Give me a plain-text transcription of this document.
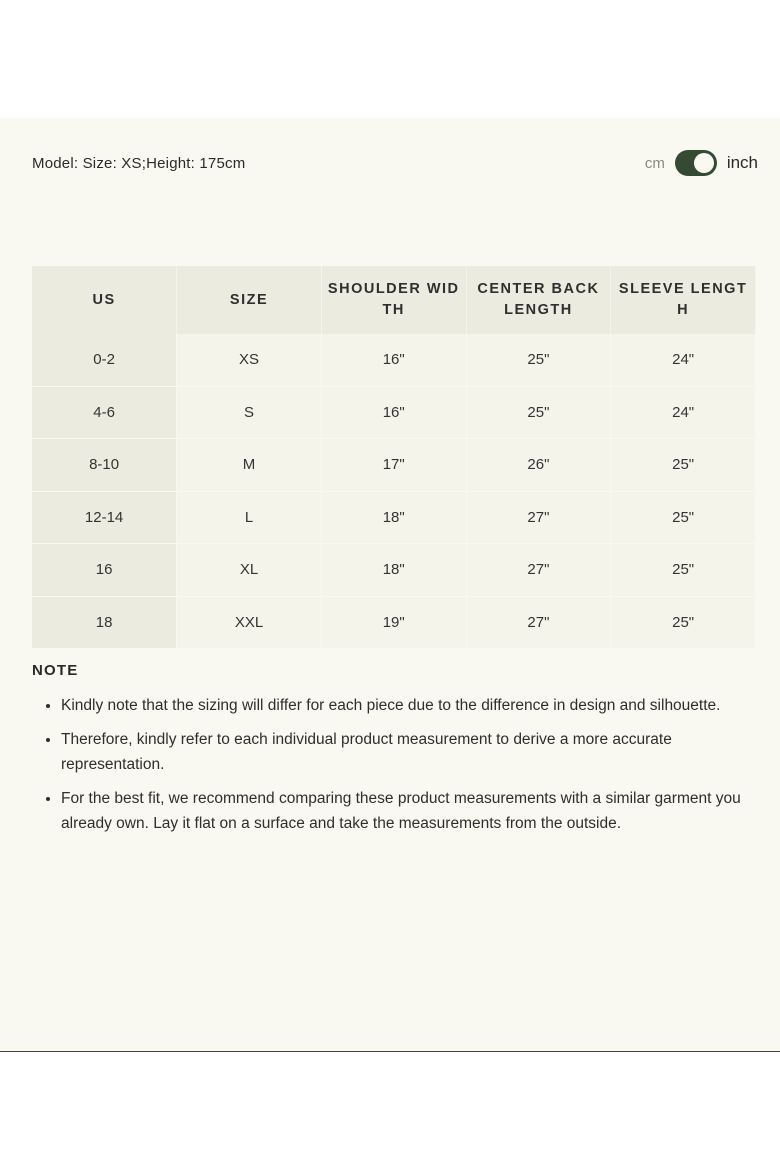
Model: Size: XS;Height: 175cm	cm	inch
US	SIZE	SHOULDER WIDTH	CENTER BACK LENGTH	SLEEVE LENGTH
0-2	XS	16"	25"	24"
4-6	S	16"	25"	24"
8-10	M	17"	26"	25"
12-14	L	18"	27"	25"
16	XL	18"	27"	25"
18	XXL	19"	27"	25"
NOTE
• Kindly note that the sizing will differ for each piece due to the difference in design and silhouette.
• Therefore, kindly refer to each individual product measurement to derive a more accurate representation.
• For the best fit, we recommend comparing these product measurements with a similar garment you already own. Lay it flat on a surface and take the measurements from the outside.
